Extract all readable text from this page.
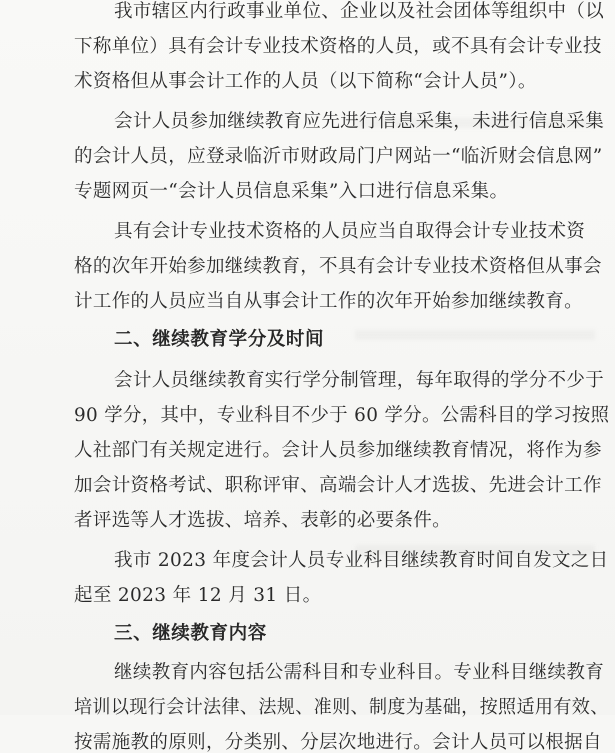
我市辖区内行政事业单位、企业以及社会团体等组织中（以
下称单位）具有会计专业技术资格的人员，或不具有会计专业技
术资格但从事会计工作的人员（以下简称“会计人员”）。
会计人员参加继续教育应先进行信息采集，未进行信息采集
的会计人员，应登录临沂市财政局门户网站一“临沂财会信息网”
专题网页一“会计人员信息采集”入口进行信息采集。
具有会计专业技术资格的人员应当自取得会计专业技术资
格的次年开始参加继续教育，不具有会计专业技术资格但从事会
计工作的人员应当自从事会计工作的次年开始参加继续教育。
二、继续教育学分及时间
会计人员继续教育实行学分制管理，每年取得的学分不少于
90 学分，其中，专业科目不少于 60 学分。公需科目的学习按照
人社部门有关规定进行。会计人员参加继续教育情况，将作为参
加会计资格考试、职称评审、高端会计人才选拔、先进会计工作
者评选等人才选拔、培养、表彰的必要条件。
我市 2023 年度会计人员专业科目继续教育时间自发文之日
起至 2023 年 12 月 31 日。
三、继续教育内容
继续教育内容包括公需科目和专业科目。专业科目继续教育
培训以现行会计法律、法规、准则、制度为基础，按照适用有效、
按需施教的原则，分类别、分层次地进行。会计人员可以根据自
